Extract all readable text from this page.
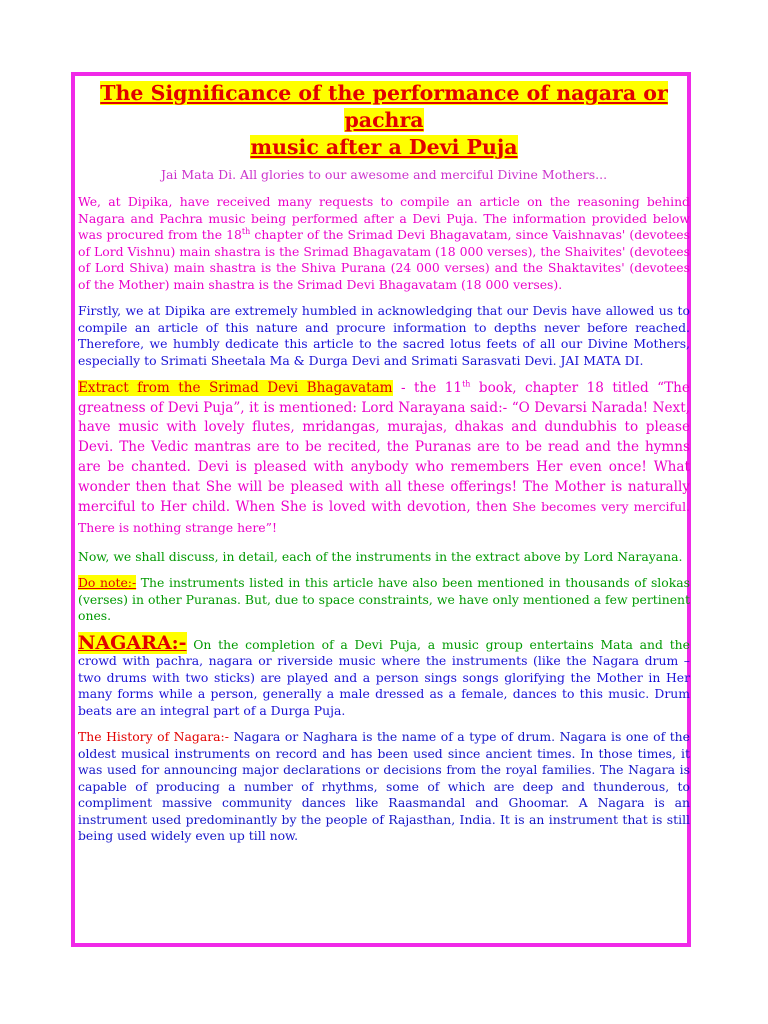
The Significance of the performance of nagara or pachra
music after a Devi Puja
Jai Mata Di. All glories to our awesome and merciful Divine Mothers...

We, at Dipika, have received many requests to compile an article on the reasoning behind Nagara and Pachra music being performed after a Devi Puja. The information provided below was procured from the 18th chapter of the Srimad Devi Bhagavatam, since Vaishnavas' (devotees of Lord Vishnu) main shastra is the Srimad Bhagavatam (18 000 verses), the Shaivites' (devotees of Lord Shiva) main shastra is the Shiva Purana (24 000 verses) and the Shaktavites' (devotees of the Mother) main shastra is the Srimad Devi Bhagavatam (18 000 verses).

Firstly, we at Dipika are extremely humbled in acknowledging that our Devis have allowed us to compile an article of this nature and procure information to depths never before reached. Therefore, we humbly dedicate this article to the sacred lotus feets of all our Divine Mothers, especially to Srimati Sheetala Ma & Durga Devi and Srimati Sarasvati Devi. JAI MATA DI.

Extract from the Srimad Devi Bhagavatam - the 11th book, chapter 18 titled “The greatness of Devi Puja”, it is mentioned: Lord Narayana said:- “O Devarsi Narada! Next, have music with lovely flutes, mridangas, murajas, dhakas and dundubhis to please Devi. The Vedic mantras are to be recited, the Puranas are to be read and the hymns are be chanted. Devi is pleased with anybody who remembers Her even once! What wonder then that She will be pleased with all these offerings! The Mother is naturally merciful to Her child. When She is loved with devotion, then She becomes very merciful. There is nothing strange here”!

Now, we shall discuss, in detail, each of the instruments in the extract above by Lord Narayana.

Do note:- The instruments listed in this article have also been mentioned in thousands of slokas (verses) in other Puranas. But, due to space constraints, we have only mentioned a few pertinent ones.

NAGARA:- On the completion of a Devi Puja, a music group entertains Mata and the crowd with pachra, nagara or riverside music where the instruments (like the Nagara drum – two drums with two sticks) are played and a person sings songs glorifying the Mother in Her many forms while a person, generally a male dressed as a female, dances to this music. Drum beats are an integral part of a Durga Puja.

The History of Nagara:- Nagara or Naghara is the name of a type of drum. Nagara is one of the oldest musical instruments on record and has been used since ancient times. In those times, it was used for announcing major declarations or decisions from the royal families. The Nagara is capable of producing a number of rhythms, some of which are deep and thunderous, to compliment massive community dances like Raasmandal and Ghoomar. A Nagara is an instrument used predominantly by the people of Rajasthan, India. It is an instrument that is still being used widely even up till now.
